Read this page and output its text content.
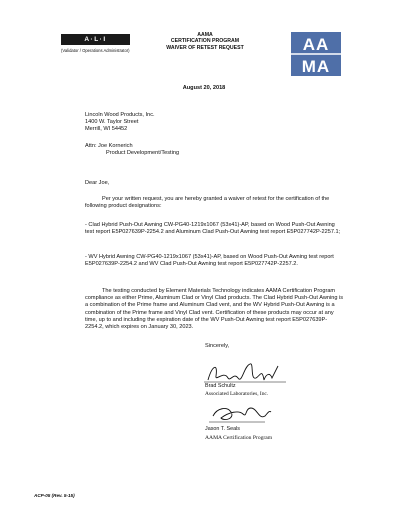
A·L·I
(Validator / Operations Administrator)
AAMA
CERTIFICATION PROGRAM
WAIVER OF RETEST REQUEST	AA
MA
August 20, 2018
Lincoln Wood Products, Inc.
1400 W. Taylor Street
Merrill, WI 54452
Attn: Joe Kornerich
Product Development/Testing
Dear Joe,
Per your written request, you are hereby granted a waiver of retest for the certification of the following product designations:
- Clad Hybrid Push-Out Awning CW-PG40-1219x1067 (53x41)-AP, based on Wood Push-Out Awning test report E5P027639P-2254.2 and Aluminum Clad Push-Out Awning test report E5P027742P-2257.1;
- WV Hybrid Awning CW-PG40-1219x1067 (53x41)-AP, based on Wood Push-Out Awning test report E5P027639P-2254.2 and WV Clad Push-Out Awning test report E5P027742P-2257.2.
The testing conducted by Element Materials Technology indicates AAMA Certification Program compliance as either Prime, Aluminum Clad or Vinyl Clad products. The Clad Hybrid Push-Out Awning is a combination of the Prime frame and Aluminum Clad vent, and the WV Hybrid Push-Out Awning is a combination of the Prime frame and Vinyl Clad vent. Certification of these products may occur at any time, up to and including the expiration date of the WV Push-Out Awning test report E5P027639P-2254.2, which expires on January 30, 2023.
Sincerely,
Brad Schultz
Associated Laboratories, Inc.
Jason T. Seals
AAMA Certification Program
ACP-05 (Rev. 5-15)
